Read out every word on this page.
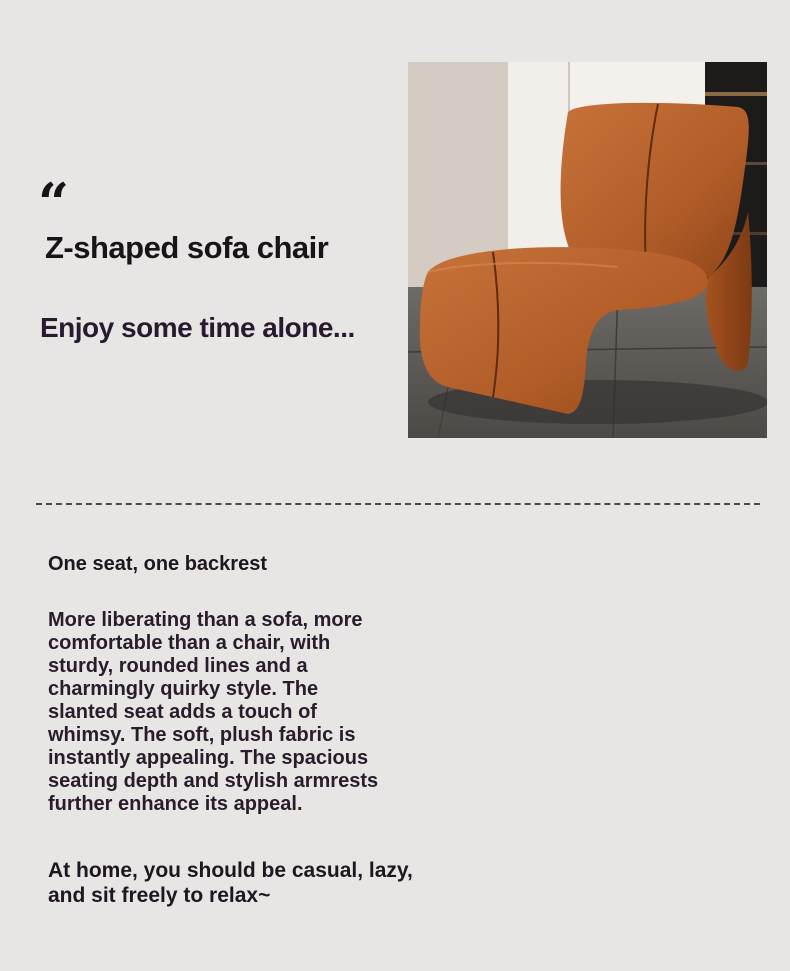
“
Z-shaped sofa chair
Enjoy some time alone...
One seat, one backrest
More liberating than a sofa, more comfortable than a chair, with sturdy, rounded lines and a charmingly quirky style. The slanted seat adds a touch of whimsy. The soft, plush fabric is instantly appealing. The spacious seating depth and stylish armrests further enhance its appeal.
At home, you should be casual, lazy, and sit freely to relax~
